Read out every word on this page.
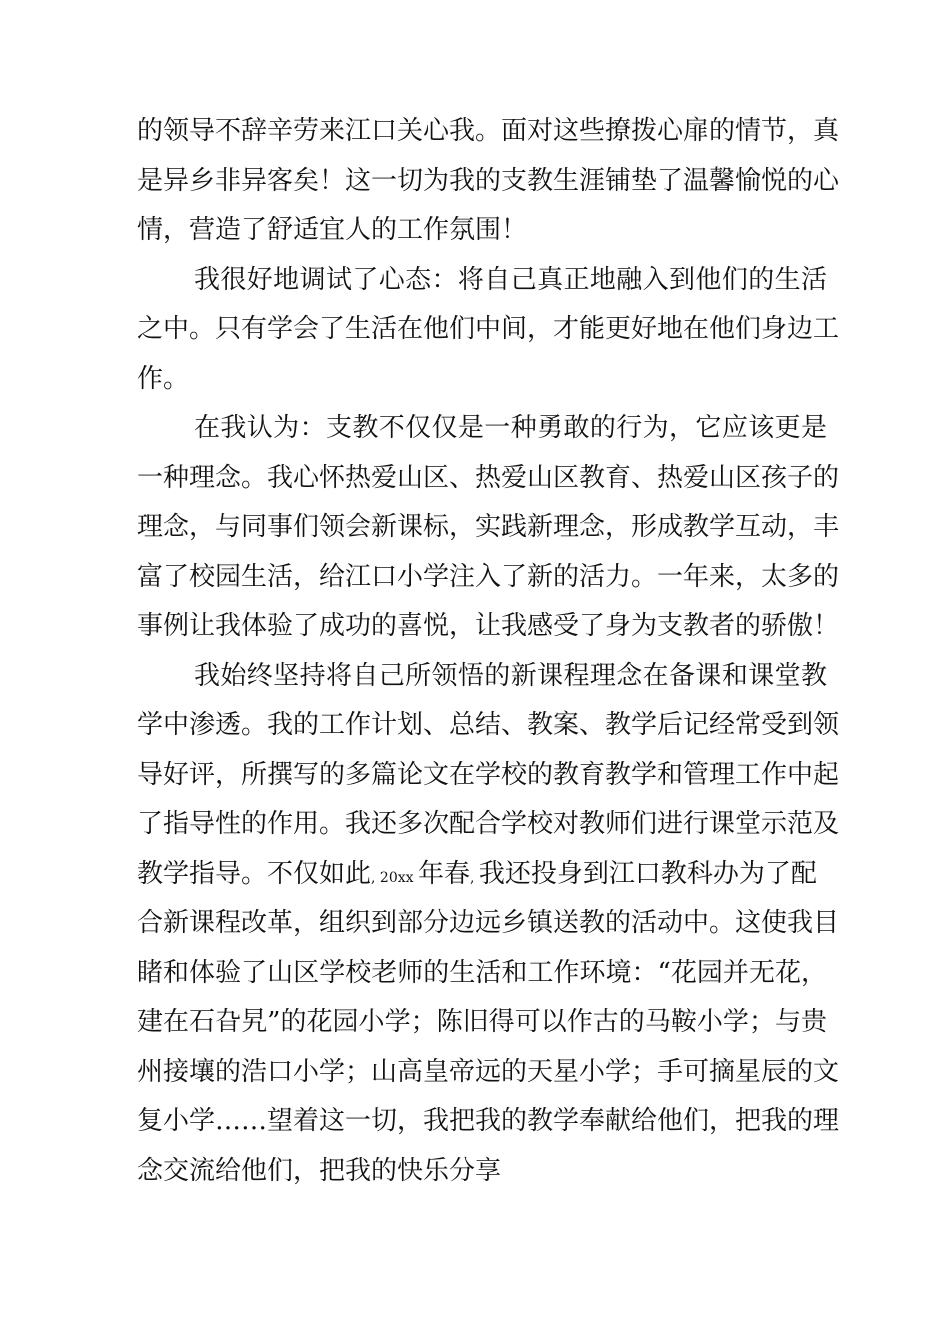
的领导不辞辛劳来江口关心我。面对这些撩拨心扉的情节，真
是异乡非异客矣！这一切为我的支教生涯铺垫了温馨愉悦的心
情，营造了舒适宜人的工作氛围！
我很好地调试了心态：将自己真正地融入到他们的生活
之中。只有学会了生活在他们中间，才能更好地在他们身边工
作。
在我认为：支教不仅仅是一种勇敢的行为，它应该更是
一种理念。我心怀热爱山区、热爱山区教育、热爱山区孩子的
理念，与同事们领会新课标，实践新理念，形成教学互动，丰
富了校园生活，给江口小学注入了新的活力。一年来，太多的
事例让我体验了成功的喜悦，让我感受了身为支教者的骄傲！
我始终坚持将自己所领悟的新课程理念在备课和课堂教
学中渗透。我的工作计划、总结、教案、教学后记经常受到领
导好评，所撰写的多篇论文在学校的教育教学和管理工作中起
了指导性的作用。我还多次配合学校对教师们进行课堂示范及
教学指导。不仅如此, 20xx 年春, 我还投身到江口教科办为了配
合新课程改革，组织到部分边远乡镇送教的活动中。这使我目
睹和体验了山区学校老师的生活和工作环境：“花园并无花，
建在石旮旯”的花园小学；陈旧得可以作古的马鞍小学；与贵
州接壤的浩口小学；山高皇帝远的天星小学；手可摘星辰的文
复小学……望着这一切，我把我的教学奉献给他们，把我的理
念交流给他们，把我的快乐分享
